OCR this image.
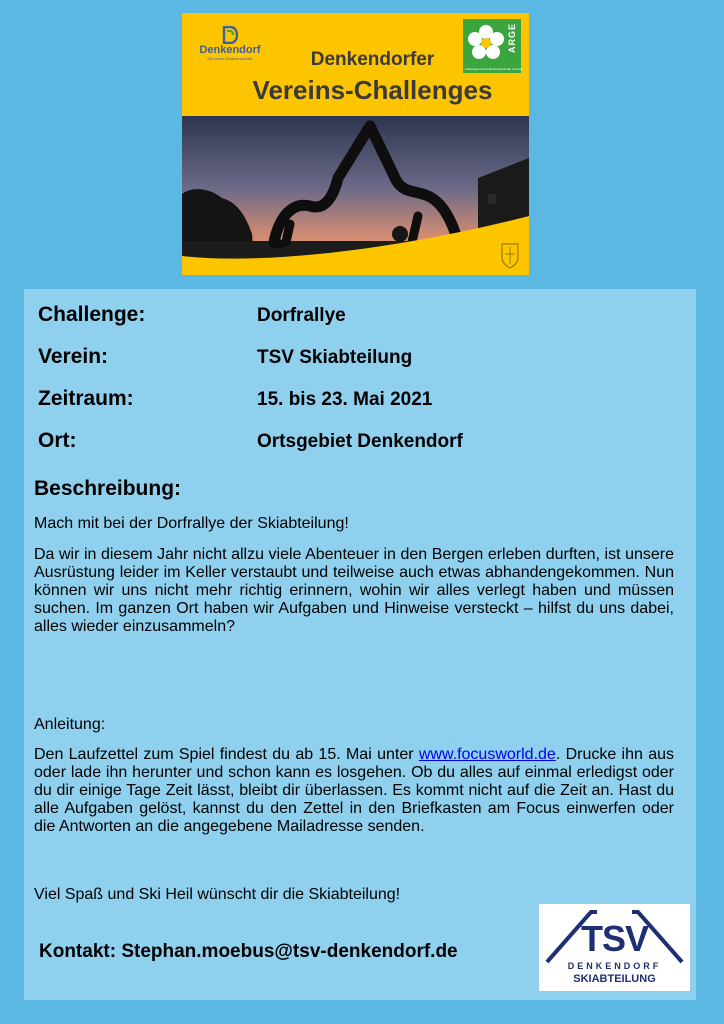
Denkendorf
Wir leben Zusammenhalt.
ARGE
Arbeitsgemeinschaft Denkendorfer Vereine
Denkendorfer
Vereins-Challenges
Challenge:	Dorfrallye
Verein:	TSV Skiabteilung
Zeitraum:	15. bis 23. Mai 2021
Ort:	Ortsgebiet Denkendorf
Beschreibung:
Mach mit bei der Dorfrallye der Skiabteilung!
Da wir in diesem Jahr nicht allzu viele Abenteuer in den Bergen erleben durften, ist unsere Ausrüstung leider im Keller verstaubt und teilweise auch etwas abhandengekommen. Nun können wir uns nicht mehr richtig erinnern, wohin wir alles verlegt haben und müssen suchen. Im ganzen Ort haben wir Aufgaben und Hinweise versteckt – hilfst du uns dabei, alles wieder einzusammeln?
Anleitung:
Den Laufzettel zum Spiel findest du ab 15. Mai unter www.focusworld.de. Drucke ihn aus oder lade ihn herunter und schon kann es losgehen. Ob du alles auf einmal erledigst oder du dir einige Tage Zeit lässt, bleibt dir überlassen. Es kommt nicht auf die Zeit an. Hast du alle Aufgaben gelöst, kannst du den Zettel in den Briefkasten am Focus einwerfen oder die Antworten an die angegebene Mailadresse senden.
Viel Spaß und Ski Heil wünscht dir die Skiabteilung!
Kontakt: Stephan.moebus@tsv-denkendorf.de	TSV
DENKENDORF
SKIABTEILUNG
